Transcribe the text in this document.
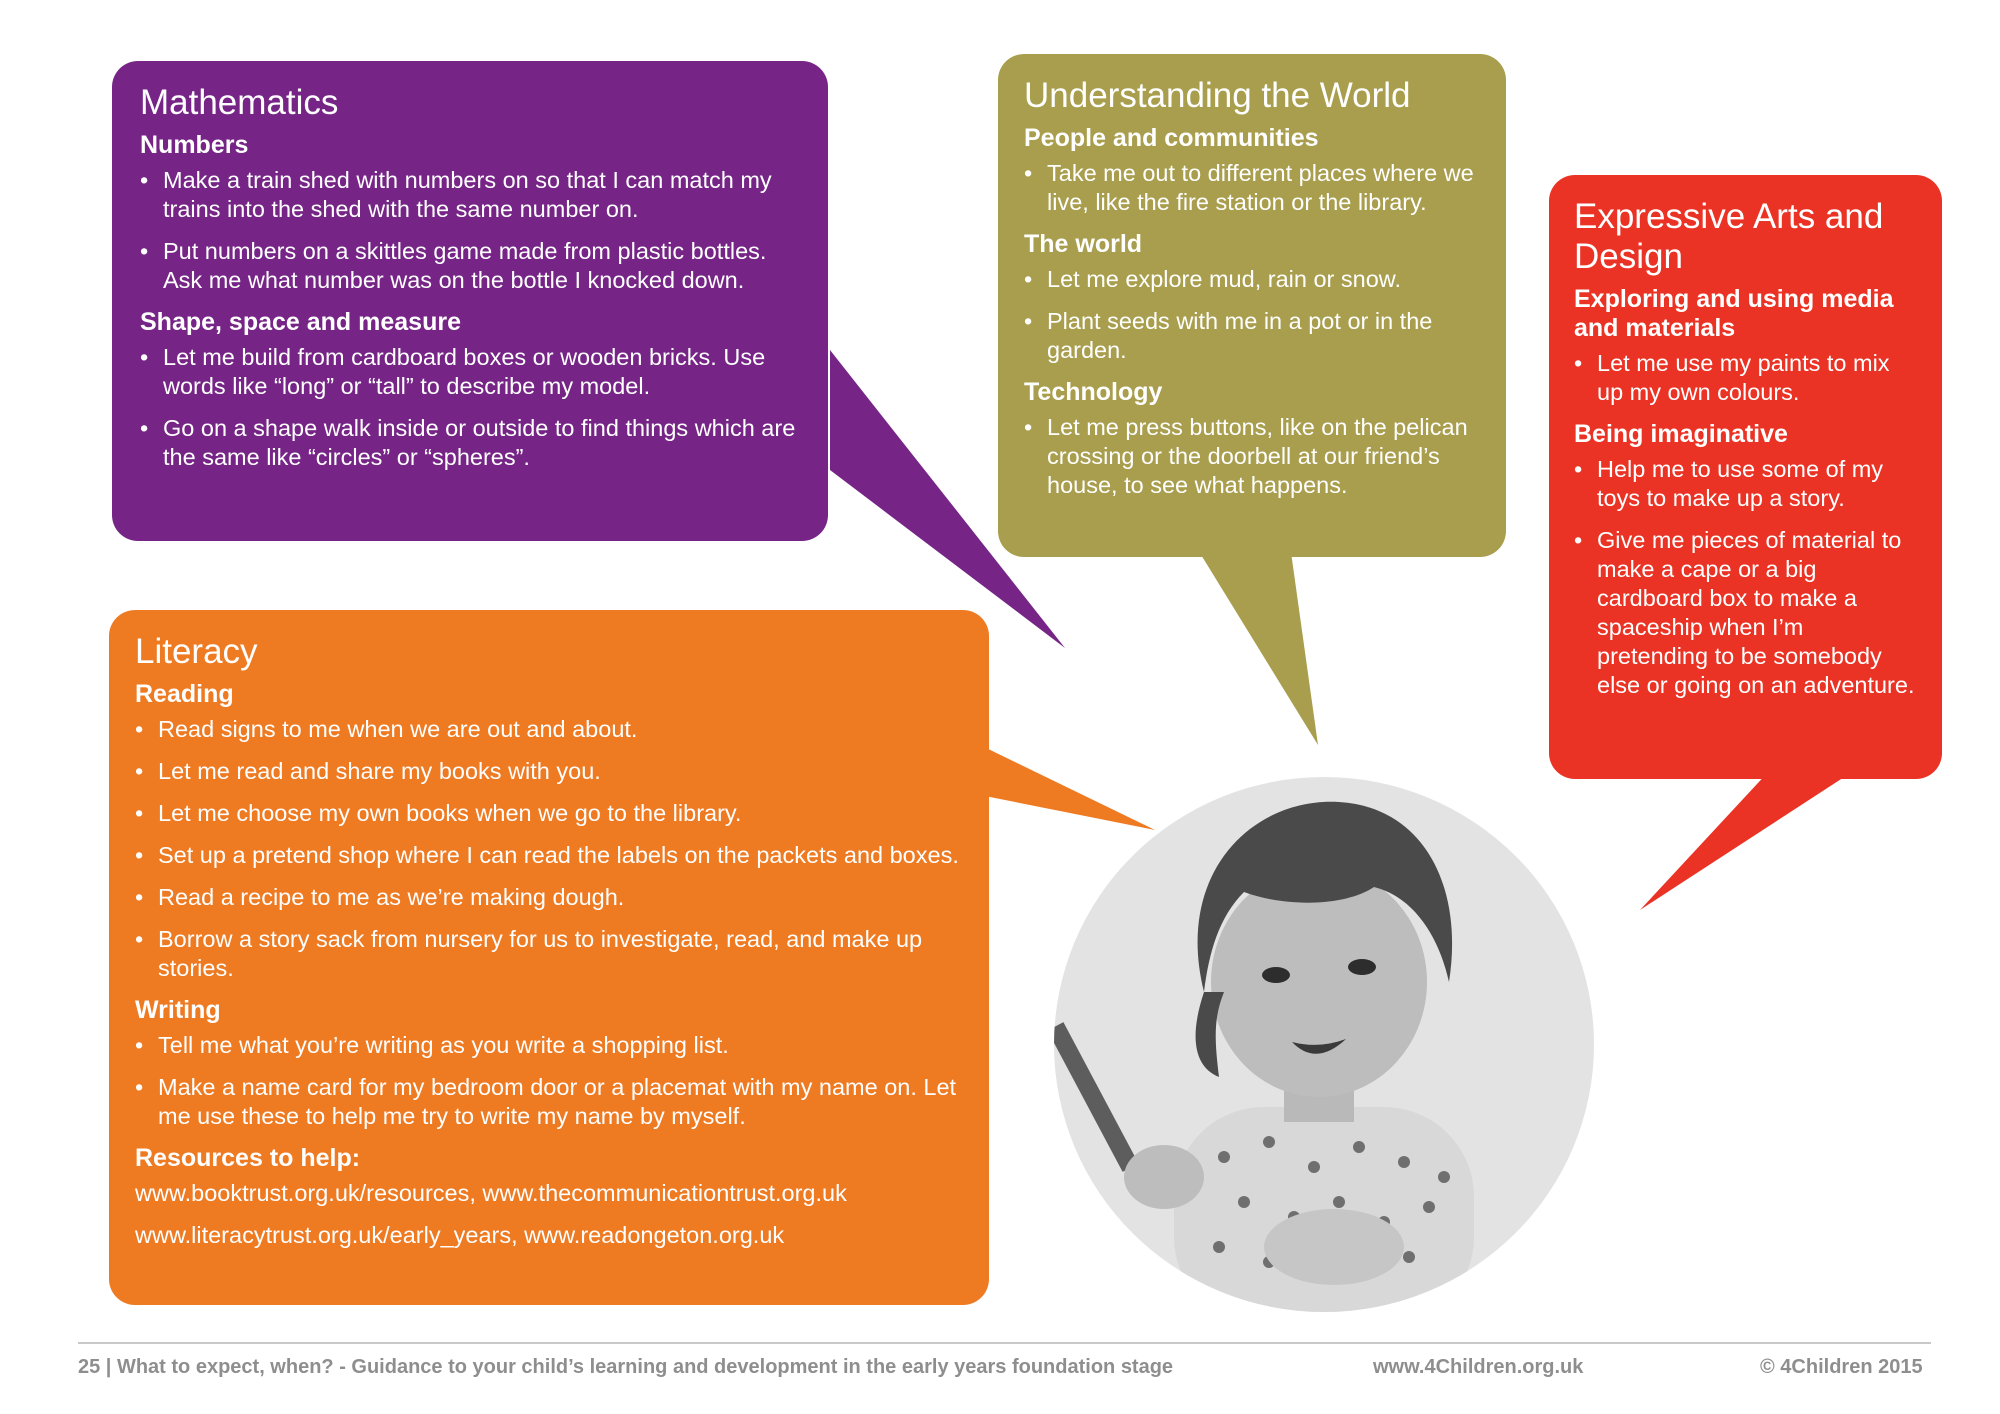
Mathematics
Numbers
• Make a train shed with numbers on so that I can match my trains into the shed with the same number on.
• Put numbers on a skittles game made from plastic bottles. Ask me what number was on the bottle I knocked down.
Shape, space and measure
• Let me build from cardboard boxes or wooden bricks. Use words like “long” or “tall” to describe my model.
• Go on a shape walk inside or outside to find things which are the same like “circles” or “spheres”.
Understanding the World
People and communities
• Take me out to different places where we live, like the fire station or the library.
The world
• Let me explore mud, rain or snow.
• Plant seeds with me in a pot or in the garden.
Technology
• Let me press buttons, like on the pelican crossing or the doorbell at our friend’s house, to see what happens.
Expressive Arts and Design
Exploring and using media and materials
• Let me use my paints to mix up my own colours.
Being imaginative
• Help me to use some of my toys to make up a story.
• Give me pieces of material to make a cape or a big cardboard box to make a spaceship when I’m pretending to be somebody else or going on an adventure.
Literacy
Reading
• Read signs to me when we are out and about.
• Let me read and share my books with you.
• Let me choose my own books when we go to the library.
• Set up a pretend shop where I can read the labels on the packets and boxes.
• Read a recipe to me as we’re making dough.
• Borrow a story sack from nursery for us to investigate, read, and make up stories.
Writing
• Tell me what you’re writing as you write a shopping list.
• Make a name card for my bedroom door or a placemat with my name on. Let me use these to help me try to write my name by myself.
Resources to help:

www.booktrust.org.uk/resources, www.thecommunicationtrust.org.uk

www.literacytrust.org.uk/early_years, www.readongeton.org.uk

25 | What to expect, when? - Guidance to your child’s learning and development in the early years foundation stage	www.4Children.org.uk	© 4Children 2015
